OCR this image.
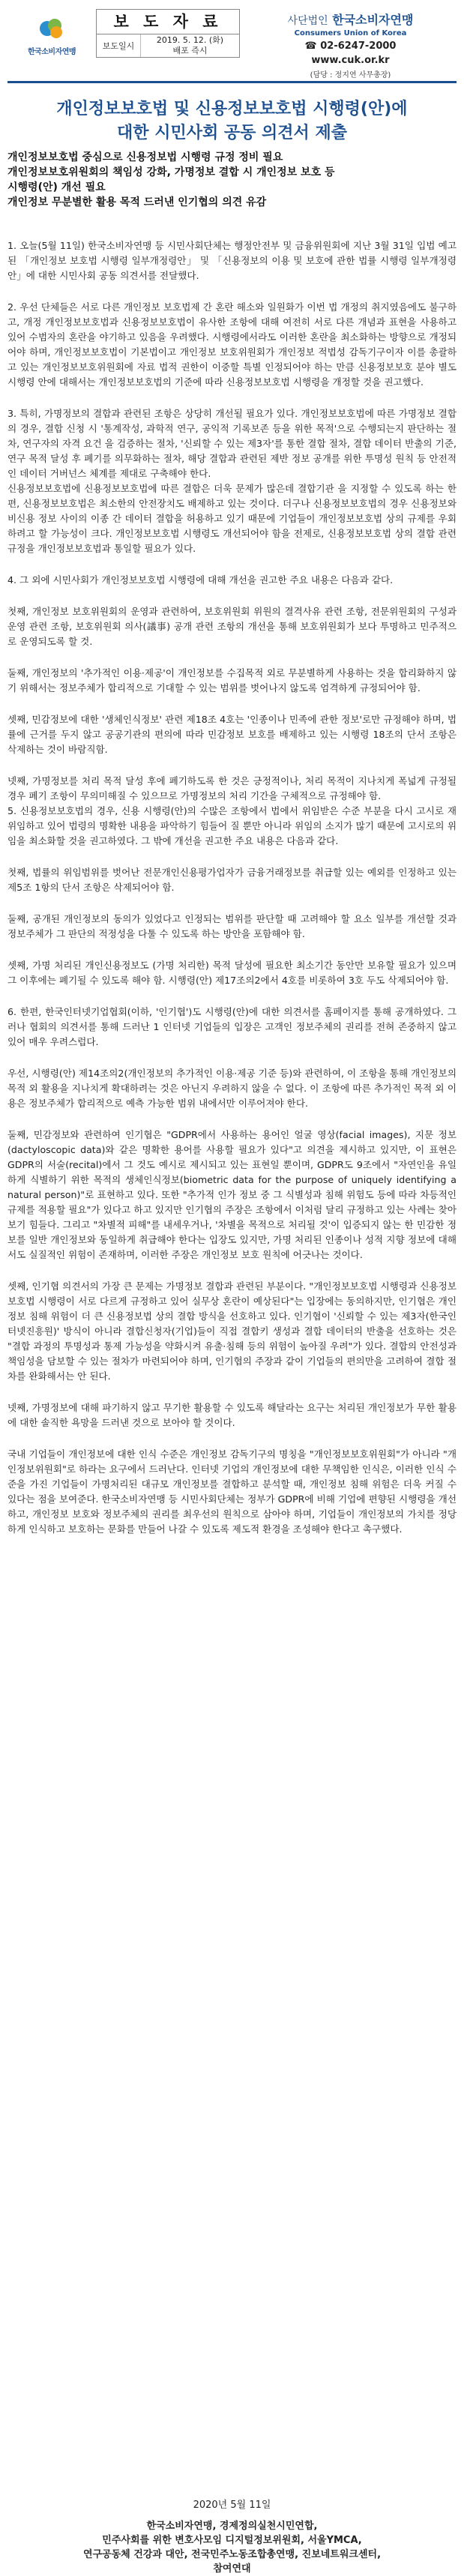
한국소비자연맹
보 도 자 료
보도일시
2019. 5. 12. (화)
배포 즉시
사단법인 한국소비자연맹
Consumers Union of Korea
☎ 02-6247-2000
www.cuk.or.kr
(담당 : 정지연 사무총장)
개인정보보호법 및 신용정보보호법 시행령(안)에
대한 시민사회 공동 의견서 제출
개인정보보호법 중심으로 신용정보법 시행령 규정 정비 필요
개인정보보호위원회의 책임성 강화, 가명정보 결합 시 개인정보 보호 등
시행령(안) 개선 필요
개인정보 무분별한 활용 목적 드러낸 인기협의 의견 유감

1. 오늘(5월 11일) 한국소비자연맹 등 시민사회단체는 행정안전부 및 금융위원회에 지난 3월 31일 입법 예고된 「개인정보 보호법 시행령 일부개정령안」 및 「신용정보의 이용 및 보호에 관한 법률 시행령 일부개정령안」에 대한 시민사회 공동 의견서를 전달했다.

2. 우선 단체들은 서로 다른 개인정보 보호법제 간 혼란 해소와 일원화가 이번 법 개정의 취지였음에도 불구하고, 개정 개인정보보호법과 신용정보보호법이 유사한 조항에 대해 여전히 서로 다른 개념과 표현을 사용하고 있어 수범자의 혼란을 야기하고 있음을 우려했다. 시행령에서라도 이러한 혼란을 최소화하는 방향으로 개정되어야 하며, 개인정보보호법이 기본법이고 개인정보 보호위원회가 개인정보 적법성 감독기구이자 이를 총괄하고 있는 개인정보보호위원회에 자료 법적 권한이 이중할 특별 인정되어야 하는 만큼 신용정보보호 분야 별도 시행령 안에 대해서는 개인정보보호법의 기준에 따라 신용정보보호법 시행령을 개정할 것을 권고했다.

3. 특히, 가명정보의 결합과 관련된 조항은 상당히 개선될 필요가 있다. 개인정보보호법에 따른 가명정보 결합의 경우, 결합 신청 시 '통계작성, 과학적 연구, 공익적 기록보존 등을 위한 목적'으로 수행되는지 판단하는 절차, 연구자의 자격 요건 을 검증하는 절차, '신뢰할 수 있는 제3자'를 통한 결합 절차, 결합 데이터 반출의 기준, 연구 목적 달성 후 폐기를 의무화하는 절차, 해당 결합과 관련된 제반 정보 공개를 위한 투명성 원칙 등 안전적인 데이터 거버넌스 체계를 제대로 구축해야 한다.
신용정보보호법에 신용정보보호법에 따른 결합은 더욱 문제가 많은데 결합기관 을 지정할 수 있도록 하는 한편, 신용정보보호법은 최소한의 안전장치도 배제하고 있는 것이다. 더구나 신용정보보호법의 경우 신용정보와 비신용 정보 사이의 이종 간 데이터 결합을 허용하고 있기 때문에 기업들이 개인정보보호법 상의 규제를 우회하려고 할 가능성이 크다. 개인정보보호법 시행령도 개선되어야 함을 전제로, 신용정보보호법 상의 결합 관련 규정을 개인정보보호법과 통일할 필요가 있다.

4. 그 외에 시민사회가 개인정보보호법 시행령에 대해 개선을 권고한 주요 내용은 다음과 같다.

첫째, 개인정보 보호위원회의 운영과 관련하여, 보호위원회 위원의 결격사유 관련 조항, 전문위원회의 구성과 운영 관련 조항, 보호위원회 의사(議事) 공개 관련 조항의 개선을 통해 보호위원회가 보다 투명하고 민주적으로 운영되도록 할 것.

둘째, 개인정보의 '추가적인 이용·제공'이 개인정보를 수집목적 외로 무분별하게 사용하는 것을 합리화하지 않기 위해서는 정보주체가 합리적으로 기대할 수 있는 범위를 벗어나지 않도록 엄격하게 규정되어야 함.

셋째, 민감정보에 대한 '생체인식정보' 관련 제18조 4호는 '인종이나 민족에 관한 정보'로만 규정해야 하며, 법률에 근거를 두지 않고 공공기관의 편의에 따라 민감정보 보호를 배제하고 있는 시행령 18조의 단서 조항은 삭제하는 것이 바람직함.

넷째, 가명정보를 처리 목적 달성 후에 폐기하도록 한 것은 긍정적이나, 처리 목적이 지나치게 폭넓게 규정될 경우 폐기 조항이 무의미해질 수 있으므로 가명정보의 처리 기간을 구체적으로 규정해야 함.
5. 신용정보보호법의 경우, 신용 시행령(안)의 수많은 조항에서 법에서 위임받은 수준 부분을 다시 고시로 재위임하고 있어 법령의 명확한 내용을 파악하기 힘들어 질 뿐만 아니라 위임의 소지가 많기 때문에 고시로의 위임을 최소화할 것을 권고하였다. 그 밖에 개선을 권고한 주요 내용은 다음과 같다.

첫째, 법률의 위임범위를 벗어난 전문개인신용평가업자가 금융거래정보를 취급할 있는 예외를 인정하고 있는 제5조 1항의 단서 조항은 삭제되어야 함.

둘째, 공개된 개인정보의 동의가 있었다고 인정되는 범위를 판단할 때 고려해야 할 요소 일부를 개선할 것과 정보주체가 그 판단의 적정성을 다툴 수 있도록 하는 방안을 포함해야 함.

셋째, 가명 처리된 개인신용정보도 (가명 처리한) 목적 달성에 필요한 최소기간 동안만 보유할 필요가 있으며 그 이후에는 폐기될 수 있도록 해야 함. 시행령(안) 제17조의2에서 4호를 비롯하여 3호 두도 삭제되어야 함.

6. 한편, 한국인터넷기업협회(이하, '인기협')도 시행령(안)에 대한 의견서를 홈페이지를 통해 공개하였다. 그러나 협회의 의견서를 통해 드러난 1 인터넷 기업들의 입장은 고객인 정보주체의 권리를 전혀 존중하지 않고 있어 매우 우려스럽다.

우선, 시행령(안) 제14조의2(개인정보의 추가적인 이용·제공 기준 등)와 관련하여, 이 조항을 통해 개인정보의 목적 외 활용을 지나치게 확대하려는 것은 아닌지 우려하지 않을 수 없다. 이 조항에 따른 추가적인 목적 외 이용은 정보주체가 합리적으로 예측 가능한 범위 내에서만 이루어져야 한다.

둘째, 민감정보와 관련하여 인기협은 "GDPR에서 사용하는 용어인 얼굴 영상(facial images), 지문 정보(dactyloscopic data)와 같은 명확한 용어를 사용할 필요가 있다"고 의견을 제시하고 있지만, 이 표현은 GDPR의 서술(recital)에서 그 것도 예시로 제시되고 있는 표현일 뿐이며, GDPR도 9조에서 "자연인을 유일하게 식별하기 위한 목적의 생체인식정보(biometric data for the purpose of uniquely identifying a natural person)"로 표현하고 있다. 또한 "추가적 인가 정보 중 그 식별성과 침해 위험도 등에 따라 차등적인 규제를 적용할 필요"가 있다고 하고 있지만 인기협의 주장은 조항에서 이처럼 달리 규정하고 있는 사례는 찾아보기 힘들다. 그리고 "차별적 피해"를 내세우거나, '차별을 목적으로 처리될 것'이 입증되지 않는 한 민감한 정보를 일반 개인정보와 동일하게 취급해야 한다는 입장도 있지만, 가명 처리된 인종이나 성적 지향 정보에 대해서도 실질적인 위험이 존재하며, 이러한 주장은 개인정보 보호 원칙에 어긋나는 것이다.

셋째, 인기협 의견서의 가장 큰 문제는 가명정보 결합과 관련된 부분이다. "개인정보보호법 시행령과 신용정보보호법 시행령이 서로 다르게 규정하고 있어 실무상 혼란이 예상된다"는 입장에는 동의하지만, 인기협은 개인정보 침해 위험이 더 큰 신용정보법 상의 결합 방식을 선호하고 있다. 인기협이 '신뢰할 수 있는 제3자(한국인터넷진흥원)' 방식이 아니라 결합신청자(기업)들이 직접 결합키 생성과 결합 데이터의 반출을 선호하는 것은 "결합 과정의 투명성과 통제 가능성을 약화시켜 유출·침해 등의 위험이 높아질 우려"가 있다. 결합의 안전성과 책임성을 담보할 수 있는 절차가 마련되어야 하며, 인기협의 주장과 같이 기업들의 편의만을 고려하여 결합 절차를 완화해서는 안 된다.

넷째, 가명정보에 대해 파기하지 않고 무기한 활용할 수 있도록 해달라는 요구는 처리된 개인정보가 무한 활용에 대한 솔직한 욕망을 드러낸 것으로 보아야 할 것이다.

국내 기업들이 개인정보에 대한 인식 수준은 개인정보 감독기구의 명칭을 "개인정보보호위원회"가 아니라 "개인정보위원회"로 하라는 요구에서 드러난다. 인터넷 기업의 개인정보에 대한 무책임한 인식은, 이러한 인식 수준을 가진 기업들이 가명처리된 대규모 개인정보를 결합하고 분석할 때, 개인정보 침해 위험은 더욱 커질 수 있다는 점을 보여준다. 한국소비자연맹 등 시민사회단체는 정부가 GDPR에 비해 기업에 편향된 시행령을 개선하고, 개인정보 보호와 정보주체의 권리를 최우선의 원칙으로 삼아야 하며, 기업들이 개인정보의 가치를 정당하게 인식하고 보호하는 문화를 만들어 나갈 수 있도록 제도적 환경을 조성해야 한다고 촉구했다.

2020년 5월 11일
한국소비자연맹, 경제정의실천시민연합,
민주사회를 위한 변호사모임 디지털정보위원회, 서울YMCA,
연구공동체 건강과 대안, 전국민주노동조합총연맹, 진보네트워크센터,
참여연대
